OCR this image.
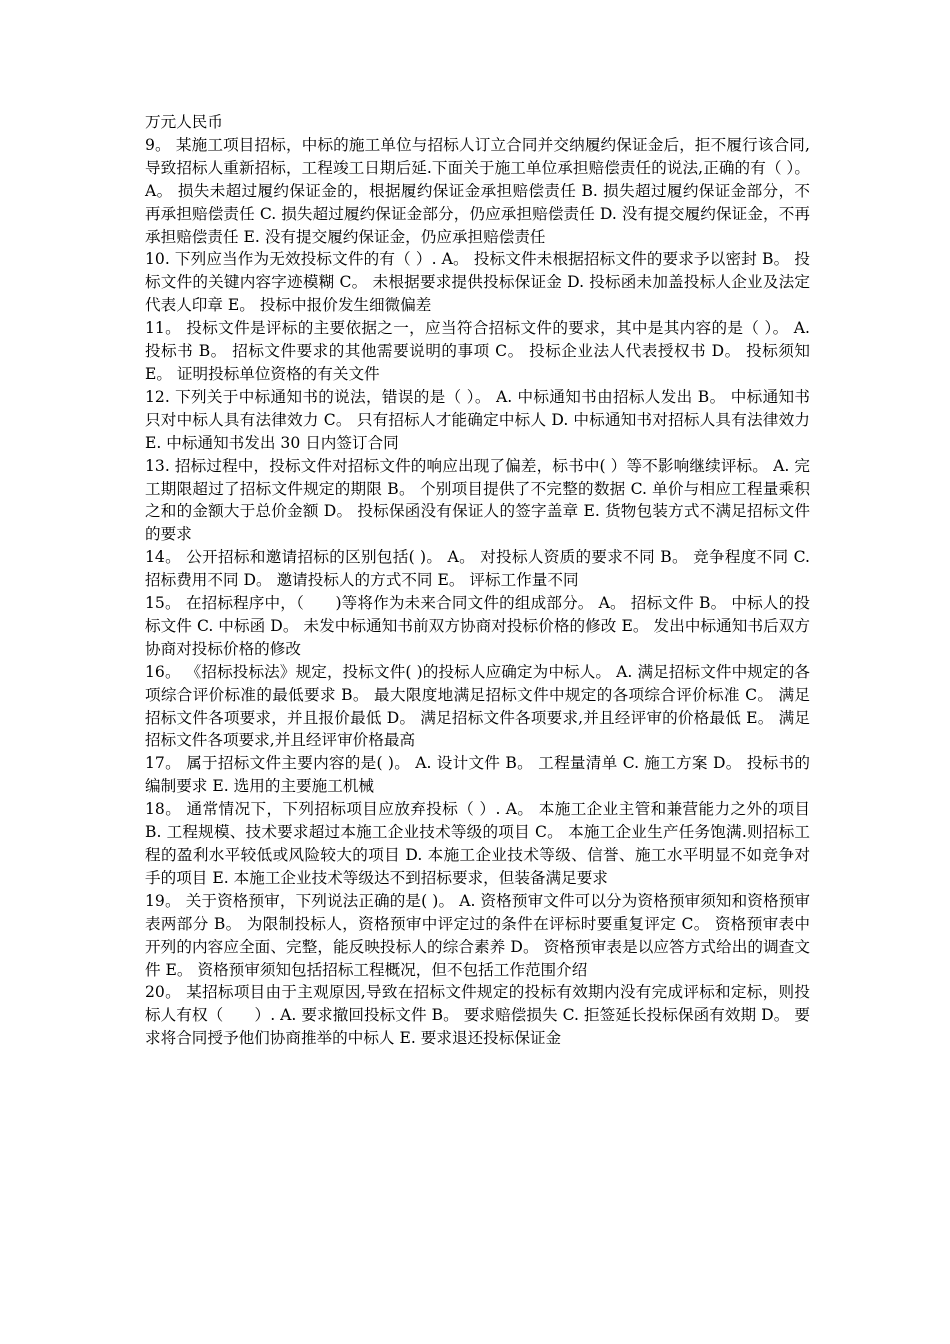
万元人民币

9。 某施工项目招标，中标的施工单位与招标人订立合同并交纳履约保证金后，拒不履行该合同,导致招标人重新招标，工程竣工日期后延.下面关于施工单位承担赔偿责任的说法,正确的有（ ）。 A。 损失未超过履约保证金的，根据履约保证金承担赔偿责任 B. 损失超过履约保证金部分，不再承担赔偿责任 C. 损失超过履约保证金部分，仍应承担赔偿责任 D. 没有提交履约保证金，不再承担赔偿责任 E. 没有提交履约保证金，仍应承担赔偿责任

10. 下列应当作为无效投标文件的有（ ）. A。 投标文件未根据招标文件的要求予以密封 B。 投标文件的关键内容字迹模糊 C。 未根据要求提供投标保证金 D. 投标函未加盖投标人企业及法定代表人印章 E。 投标中报价发生细微偏差

11。 投标文件是评标的主要依据之一，应当符合招标文件的要求，其中是其内容的是（ ）。 A. 投标书 B。 招标文件要求的其他需要说明的事项 C。 投标企业法人代表授权书 D。 投标须知 E。 证明投标单位资格的有关文件

12. 下列关于中标通知书的说法，错误的是（ ）。 A. 中标通知书由招标人发出 B。 中标通知书只对中标人具有法律效力 C。 只有招标人才能确定中标人 D. 中标通知书对招标人具有法律效力 E. 中标通知书发出 30 日内签订合同

13. 招标过程中，投标文件对招标文件的响应出现了偏差，标书中( ）等不影响继续评标。 A. 完工期限超过了招标文件规定的期限 B。 个别项目提供了不完整的数据 C. 单价与相应工程量乘积之和的金额大于总价金额 D。 投标保函没有保证人的签字盖章 E. 货物包装方式不满足招标文件的要求

14。 公开招标和邀请招标的区别包括( )。 A。 对投标人资质的要求不同 B。 竞争程度不同 C. 招标费用不同 D。 邀请投标人的方式不同 E。 评标工作量不同

15。 在招标程序中，（　　)等将作为未来合同文件的组成部分。 A。 招标文件 B。 中标人的投标文件 C. 中标函 D。 未发中标通知书前双方协商对投标价格的修改 E。 发出中标通知书后双方协商对投标价格的修改

16。 《招标投标法》规定，投标文件( )的投标人应确定为中标人。 A. 满足招标文件中规定的各项综合评价标准的最低要求 B。 最大限度地满足招标文件中规定的各项综合评价标准 C。 满足招标文件各项要求，并且报价最低 D。 满足招标文件各项要求,并且经评审的价格最低 E。 满足招标文件各项要求,并且经评审价格最高

17。 属于招标文件主要内容的是( )。 A. 设计文件 B。 工程量清单 C. 施工方案 D。 投标书的编制要求 E. 选用的主要施工机械

18。 通常情况下，下列招标项目应放弃投标（ ）. A。 本施工企业主管和兼营能力之外的项目 B. 工程规模、技术要求超过本施工企业技术等级的项目 C。 本施工企业生产任务饱满.则招标工程的盈利水平较低或风险较大的项目 D. 本施工企业技术等级、信誉、施工水平明显不如竞争对手的项目 E. 本施工企业技术等级达不到招标要求，但装备满足要求

19。 关于资格预审，下列说法正确的是( )。 A. 资格预审文件可以分为资格预审须知和资格预审表两部分 B。 为限制投标人，资格预审中评定过的条件在评标时要重复评定 C。 资格预审表中开列的内容应全面、完整，能反映投标人的综合素养 D。 资格预审表是以应答方式给出的调查文件 E。 资格预审须知包括招标工程概况，但不包括工作范围介绍

20。 某招标项目由于主观原因,导致在招标文件规定的投标有效期内没有完成评标和定标，则投标人有权（　　）. A. 要求撤回投标文件 B。 要求赔偿损失 C. 拒签延长投标保函有效期 D。 要求将合同授予他们协商推举的中标人 E. 要求退还投标保证金
